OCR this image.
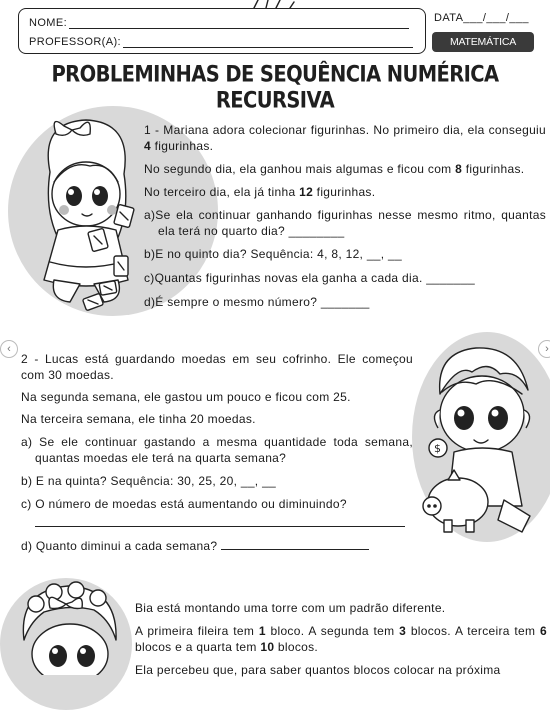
NOME:
PROFESSOR(A):
DATA___/___/___
MATEMÁTICA
PROBLEMINHAS DE SEQUÊNCIA NUMÉRICA RECURSIVA

1 - Mariana adora colecionar figurinhas. No primeiro dia, ela conseguiu 4 figurinhas.

No segundo dia, ela ganhou mais algumas e ficou com 8 figurinhas.

No terceiro dia, ela já tinha 12 figurinhas.

a)Se ela continuar ganhando figurinhas nesse mesmo ritmo, quantas ela terá no quarto dia? ________

b)E no quinto dia? Sequência: 4, 8, 12, __, __

c)Quantas figurinhas novas ela ganha a cada dia. _______

d)É sempre o mesmo número? _______

‹	›
$

2 - Lucas está guardando moedas em seu cofrinho. Ele começou com 30 moedas.

Na segunda semana, ele gastou um pouco e ficou com 25.

Na terceira semana, ele tinha 20 moedas.

a) Se ele continuar gastando a mesma quantidade toda semana, quantas moedas ele terá na quarta semana?

b) E na quinta? Sequência: 30, 25, 20, __, __

c) O número de moedas está aumentando ou diminuindo?

d) Quanto diminui a cada semana?

Bia está montando uma torre com um padrão diferente.

A primeira fileira tem 1 bloco. A segunda tem 3 blocos. A terceira tem 6 blocos e a quarta tem 10 blocos.

Ela percebeu que, para saber quantos blocos colocar na próxima
